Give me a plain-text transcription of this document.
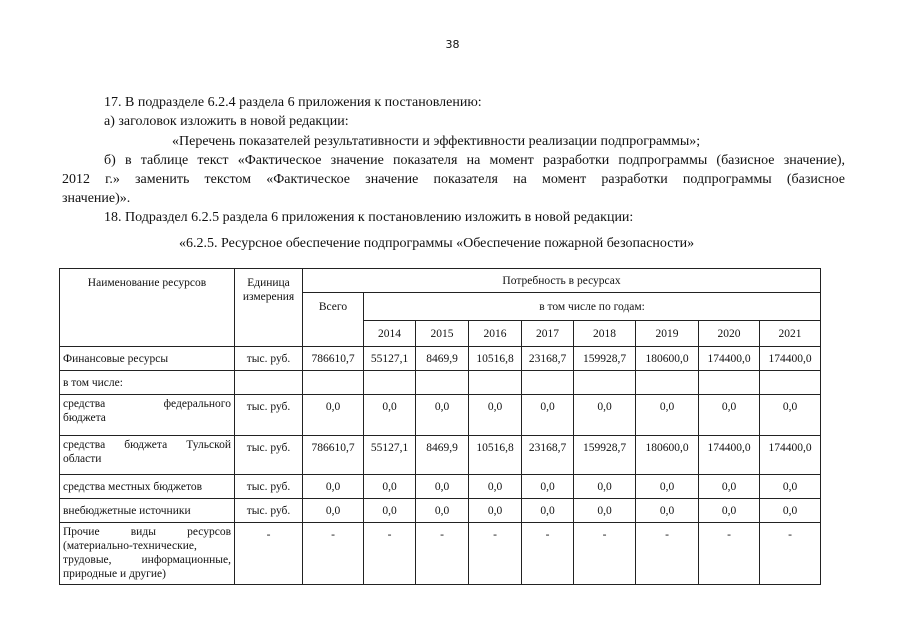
38
17. В подразделе 6.2.4 раздела 6 приложения к постановлению:
а) заголовок изложить в новой редакции:
«Перечень показателей результативности и эффективности реализации подпрограммы»;
б) в таблице текст «Фактическое значение показателя на момент разработки подпрограммы (базисное значение),
2012 г.» заменить текстом «Фактическое значение показателя на момент разработки подпрограммы (базисное
значение)».
18. Подраздел 6.2.5 раздела 6 приложения к постановлению изложить в новой редакции:
«6.2.5. Ресурсное обеспечение подпрограммы «Обеспечение пожарной безопасности»
Наименование ресурсов	Единица измерения	Потребность в ресурсах								
		Всего	в том числе по годам:							
			2014	2015	2016	2017	2018	2019	2020	2021
Финансовые ресурсы	тыс. руб.	786610,7	55127,1	8469,9	10516,8	23168,7	159928,7	180600,0	174400,0	174400,0
в том числе:										

средства федерального
бюджета	тыс. руб.	0,0	0,0	0,0	0,0	0,0	0,0	0,0	0,0	0,0

средства бюджета Тульской
области	тыс. руб.	786610,7	55127,1	8469,9	10516,8	23168,7	159928,7	180600,0	174400,0	174400,0
средства местных бюджетов	тыс. руб.	0,0	0,0	0,0	0,0	0,0	0,0	0,0	0,0	0,0
внебюджетные источники	тыс. руб.	0,0	0,0	0,0	0,0	0,0	0,0	0,0	0,0	0,0

Прочие виды ресурсов
(материально-технические,
трудовые, информационные,
природные и другие)	-	-	-	-	-	-	-	-	-	-
